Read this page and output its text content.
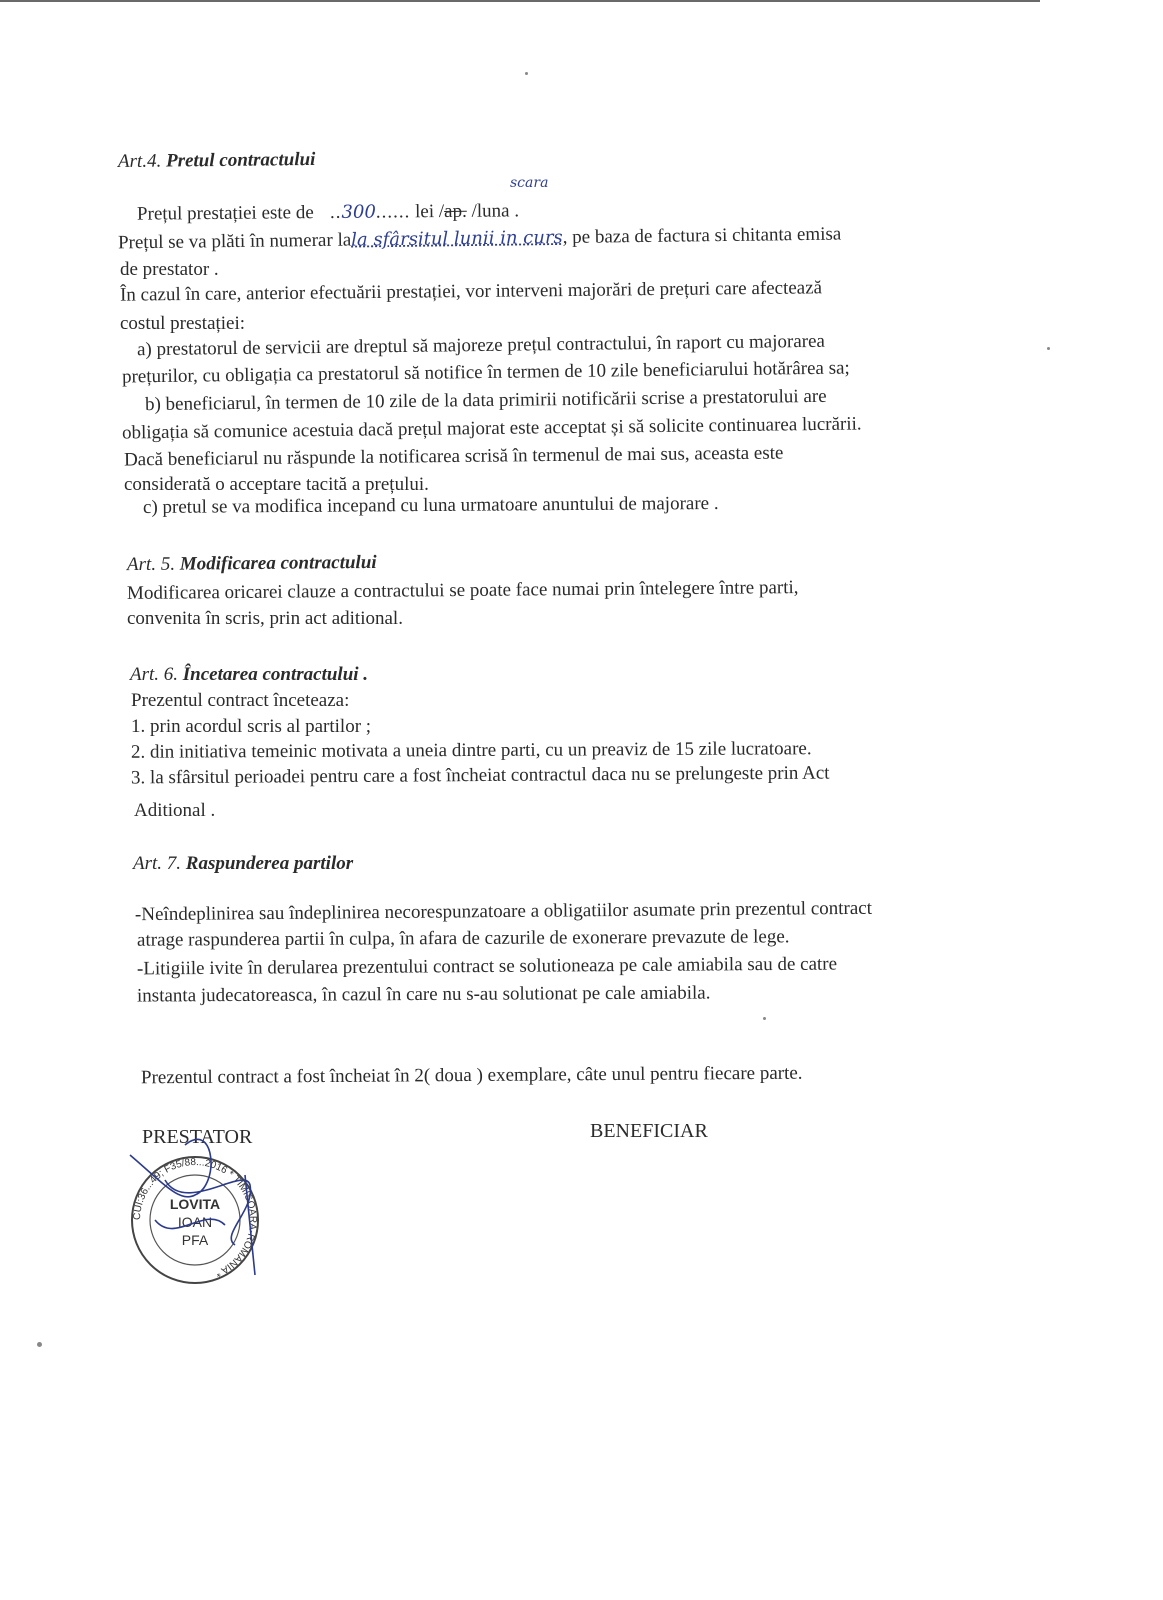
Art.4. Pretul contractului
scara
Prețul prestației este de   ..300...... lei /ap. /luna .
Prețul se va plăti în numerar lala sfârsitul lunii in curs, pe baza de factura si chitanta emisa
de prestator .
În cazul în care, anterior efectuării prestației, vor interveni majorări de prețuri care afectează
costul prestației:
a) prestatorul de servicii are dreptul să majoreze prețul contractului, în raport cu majorarea
prețurilor, cu obligația ca prestatorul să notifice în termen de 10 zile beneficiarului hotărârea sa;
b) beneficiarul, în termen de 10 zile de la data primirii notificării scrise a prestatorului are
obligația să comunice acestuia dacă prețul majorat este acceptat și să solicite continuarea lucrării.
Dacă beneficiarul nu răspunde la notificarea scrisă în termenul de mai sus, aceasta este
considerată o acceptare tacită a prețului.
c) pretul se va modifica incepand cu luna urmatoare anuntului de majorare .
Art. 5. Modificarea contractului
Modificarea oricarei clauze a contractului se poate face numai prin întelegere între parti,
convenita în scris, prin act aditional.
Art. 6. Încetarea contractului .
Prezentul contract înceteaza:
1. prin acordul scris al partilor ;
2. din initiativa temeinic motivata a uneia dintre parti, cu un preaviz de 15 zile lucratoare.
3. la sfârsitul perioadei pentru care a fost încheiat contractul daca nu se prelungeste prin Act
Aditional .
Art. 7. Raspunderea partilor
-Neîndeplinirea sau îndeplinirea necorespunzatoare a obligatiilor asumate prin prezentul contract
atrage raspunderea partii în culpa, în afara de cazurile de exonerare prevazute de lege.
-Litigiile ivite în derularea prezentului contract se solutioneaza pe cale amiabila sau de catre
instanta judecatoreasca, în cazul în care nu s-au solutionat pe cale amiabila.
Prezentul contract a fost încheiat în 2( doua ) exemplare, câte unul pentru fiecare parte.
PRESTATOR	BENEFICIAR
CUI:36...49; F35/88...2016 * TIMISOARA-ROMANIA *
LOVITA
IOAN
PFA
